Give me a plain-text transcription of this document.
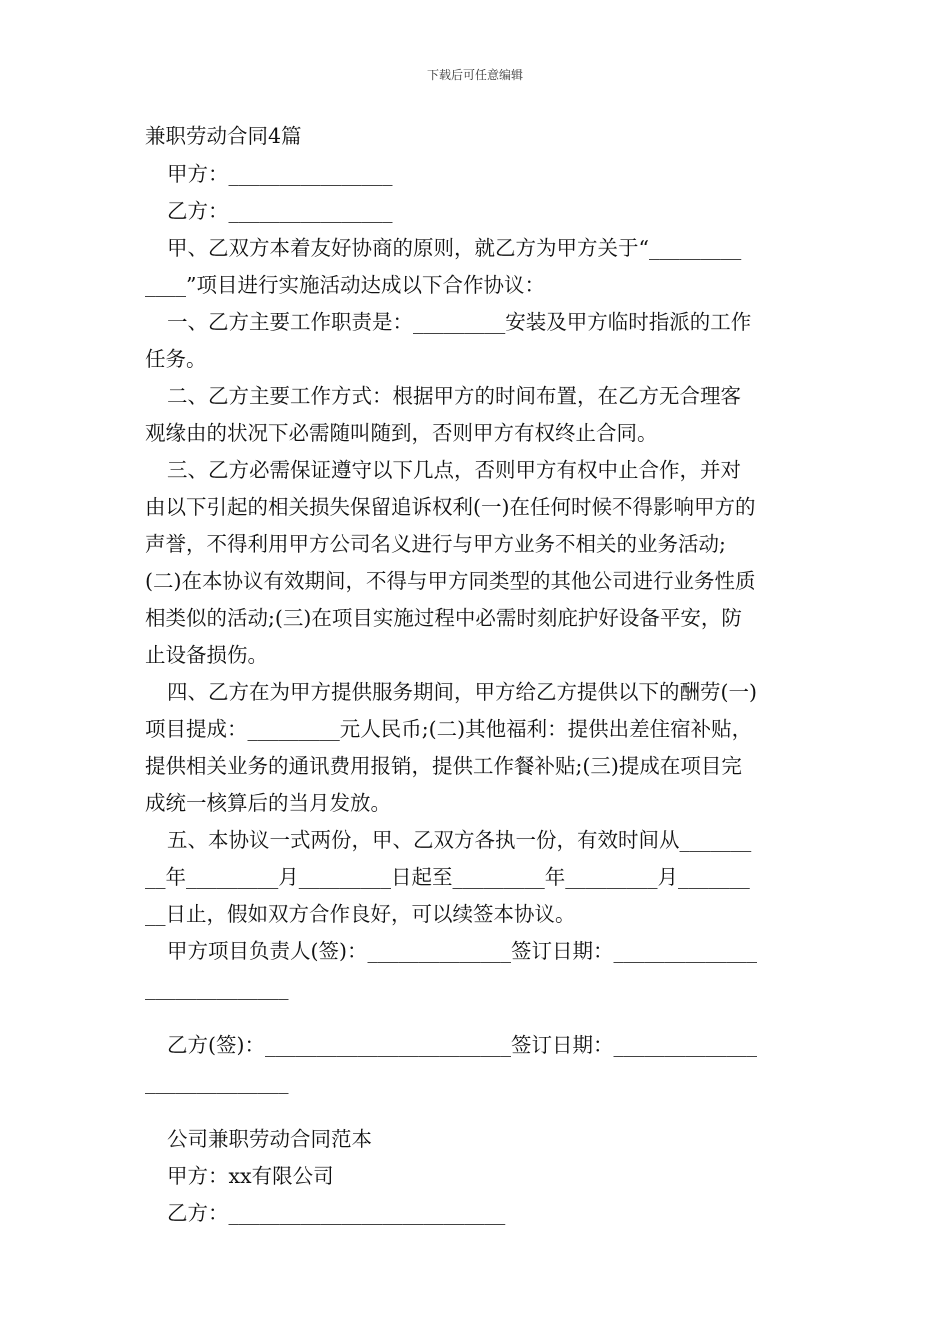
下载后可任意编辑
兼职劳动合同4篇
甲方：________________
乙方：________________
甲、乙双方本着友好协商的原则，就乙方为甲方关于“_________
____”项目进行实施活动达成以下合作协议：
一、乙方主要工作职责是：_________安装及甲方临时指派的工作
任务。
二、乙方主要工作方式：根据甲方的时间布置，在乙方无合理客
观缘由的状况下必需随叫随到，否则甲方有权终止合同。
三、乙方必需保证遵守以下几点，否则甲方有权中止合作，并对
由以下引起的相关损失保留追诉权利(一)在任何时候不得影响甲方的
声誉，不得利用甲方公司名义进行与甲方业务不相关的业务活动;
(二)在本协议有效期间，不得与甲方同类型的其他公司进行业务性质
相类似的活动;(三)在项目实施过程中必需时刻庇护好设备平安，防
止设备损伤。
四、乙方在为甲方提供服务期间，甲方给乙方提供以下的酬劳(一)
项目提成：_________元人民币;(二)其他福利：提供出差住宿补贴，
提供相关业务的通讯费用报销，提供工作餐补贴;(三)提成在项目完
成统一核算后的当月发放。
五、本协议一式两份，甲、乙双方各执一份，有效时间从_______
__年_________月_________日起至_________年_________月_______
__日止，假如双方合作良好，可以续签本协议。
甲方项目负责人(签)：______________签订日期：______________
______________
乙方(签)：________________________签订日期：______________
______________
公司兼职劳动合同范本
甲方：xx有限公司
乙方：___________________________
